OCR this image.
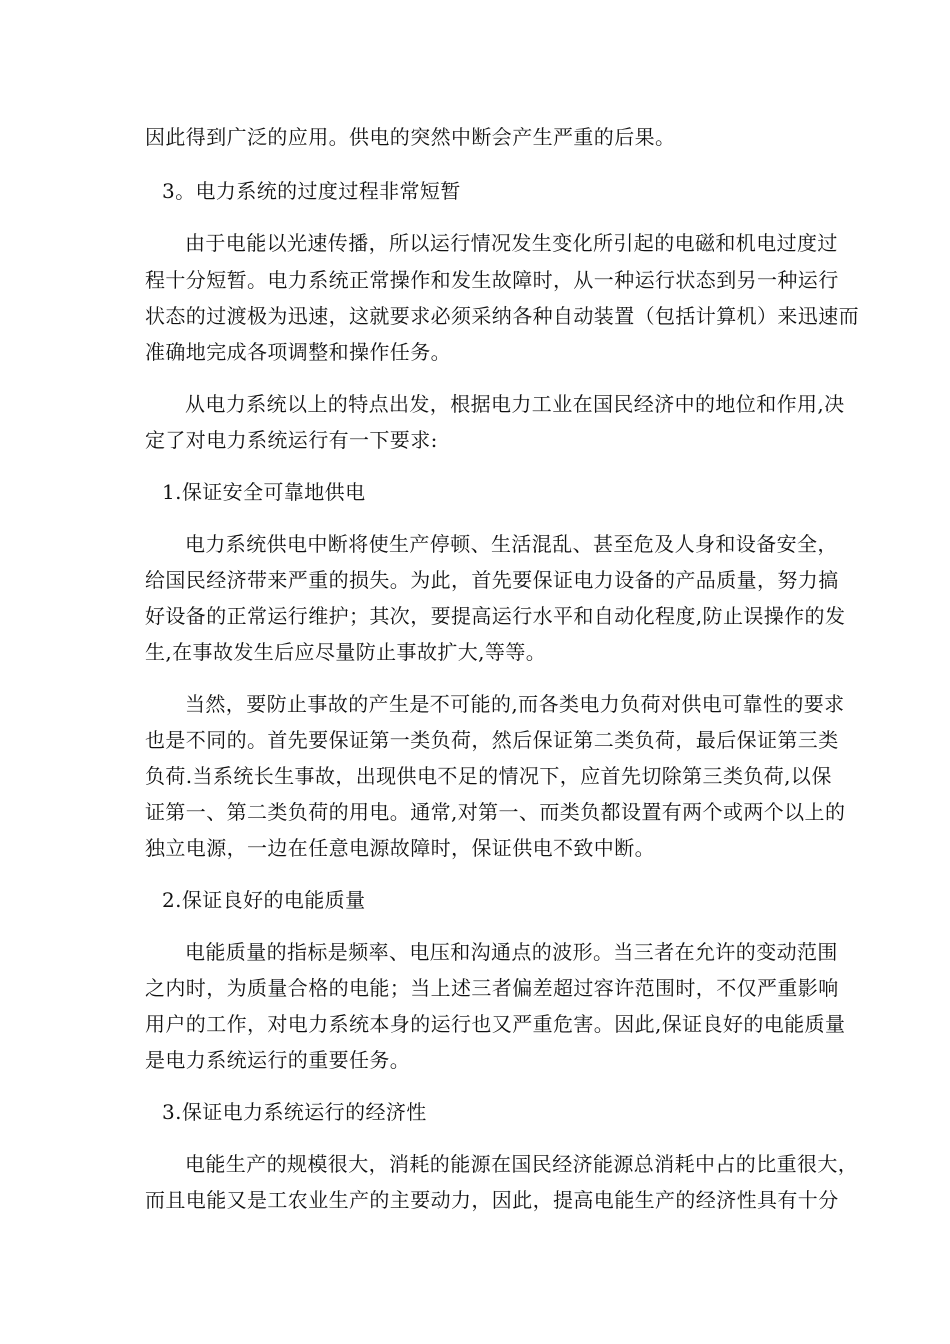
因此得到广泛的应用。供电的突然中断会产生严重的后果。
3。电力系统的过度过程非常短暂
由于电能以光速传播，所以运行情况发生变化所引起的电磁和机电过度过
程十分短暂。电力系统正常操作和发生故障时，从一种运行状态到另一种运行
状态的过渡极为迅速，这就要求必须采纳各种自动装置（包括计算机）来迅速而
准确地完成各项调整和操作任务。
从电力系统以上的特点出发，根据电力工业在国民经济中的地位和作用,决
定了对电力系统运行有一下要求:
1.保证安全可靠地供电
电力系统供电中断将使生产停顿、生活混乱、甚至危及人身和设备安全，
给国民经济带来严重的损失。为此，首先要保证电力设备的产品质量，努力搞
好设备的正常运行维护；其次，要提高运行水平和自动化程度,防止误操作的发
生,在事故发生后应尽量防止事故扩大,等等。
当然，要防止事故的产生是不可能的,而各类电力负荷对供电可靠性的要求
也是不同的。首先要保证第一类负荷，然后保证第二类负荷，最后保证第三类
负荷.当系统长生事故，出现供电不足的情况下，应首先切除第三类负荷,以保
证第一、第二类负荷的用电。通常,对第一、而类负都设置有两个或两个以上的
独立电源，一边在任意电源故障时，保证供电不致中断。
2.保证良好的电能质量
电能质量的指标是频率、电压和沟通点的波形。当三者在允许的变动范围
之内时，为质量合格的电能；当上述三者偏差超过容许范围时，不仅严重影响
用户的工作，对电力系统本身的运行也又严重危害。因此,保证良好的电能质量
是电力系统运行的重要任务。
3.保证电力系统运行的经济性
电能生产的规模很大，消耗的能源在国民经济能源总消耗中占的比重很大，
而且电能又是工农业生产的主要动力，因此，提高电能生产的经济性具有十分
